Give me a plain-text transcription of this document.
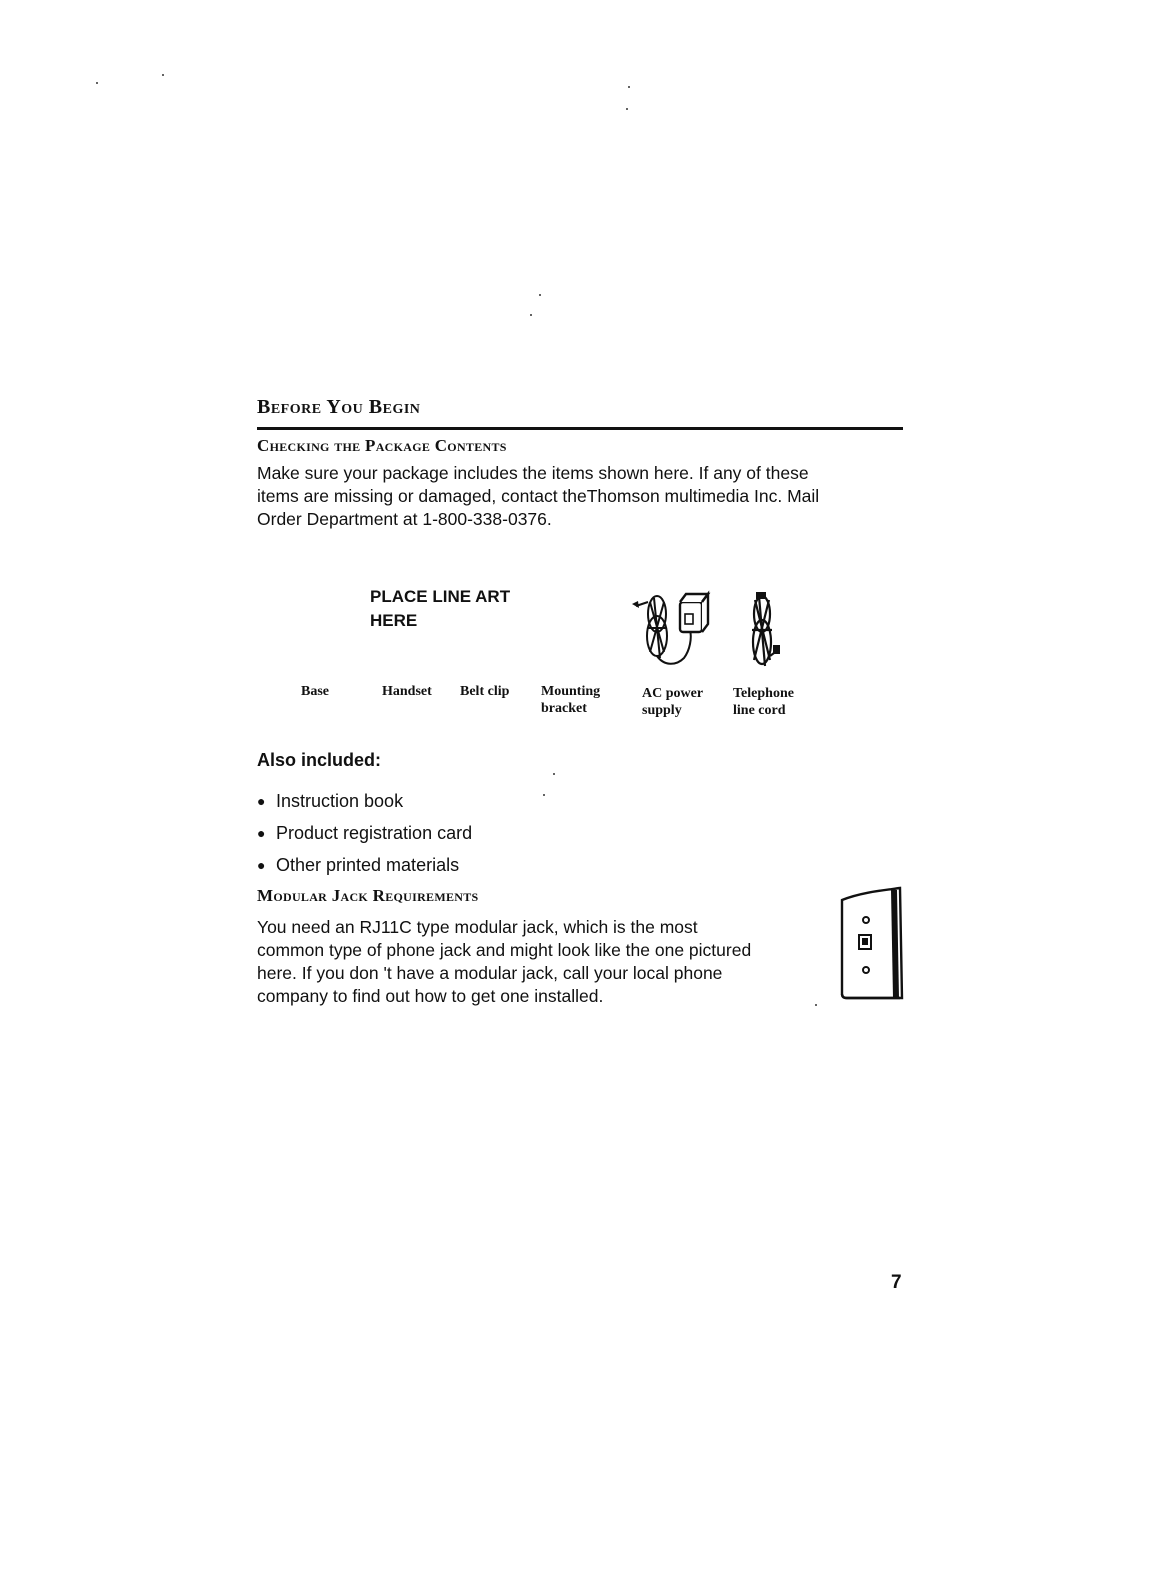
Before You Begin
Checking the Package Contents
Make sure your package includes the items shown here. If any of these
items are missing or damaged, contact theThomson multimedia Inc. Mail
Order Department at 1-800-338-0376.
PLACE LINE ART
HERE
Base	Handset	Belt clip	Mounting
bracket
AC power
supply
Telephone
line cord
Also included:
● Instruction book
● Product registration card
● Other printed materials
Modular Jack Requirements
You need an RJ11C type modular jack, which is the most
common type of phone jack and might look like the one pictured
here. If you don 't have a modular jack, call your local phone
company to find out how to get one installed.
7
